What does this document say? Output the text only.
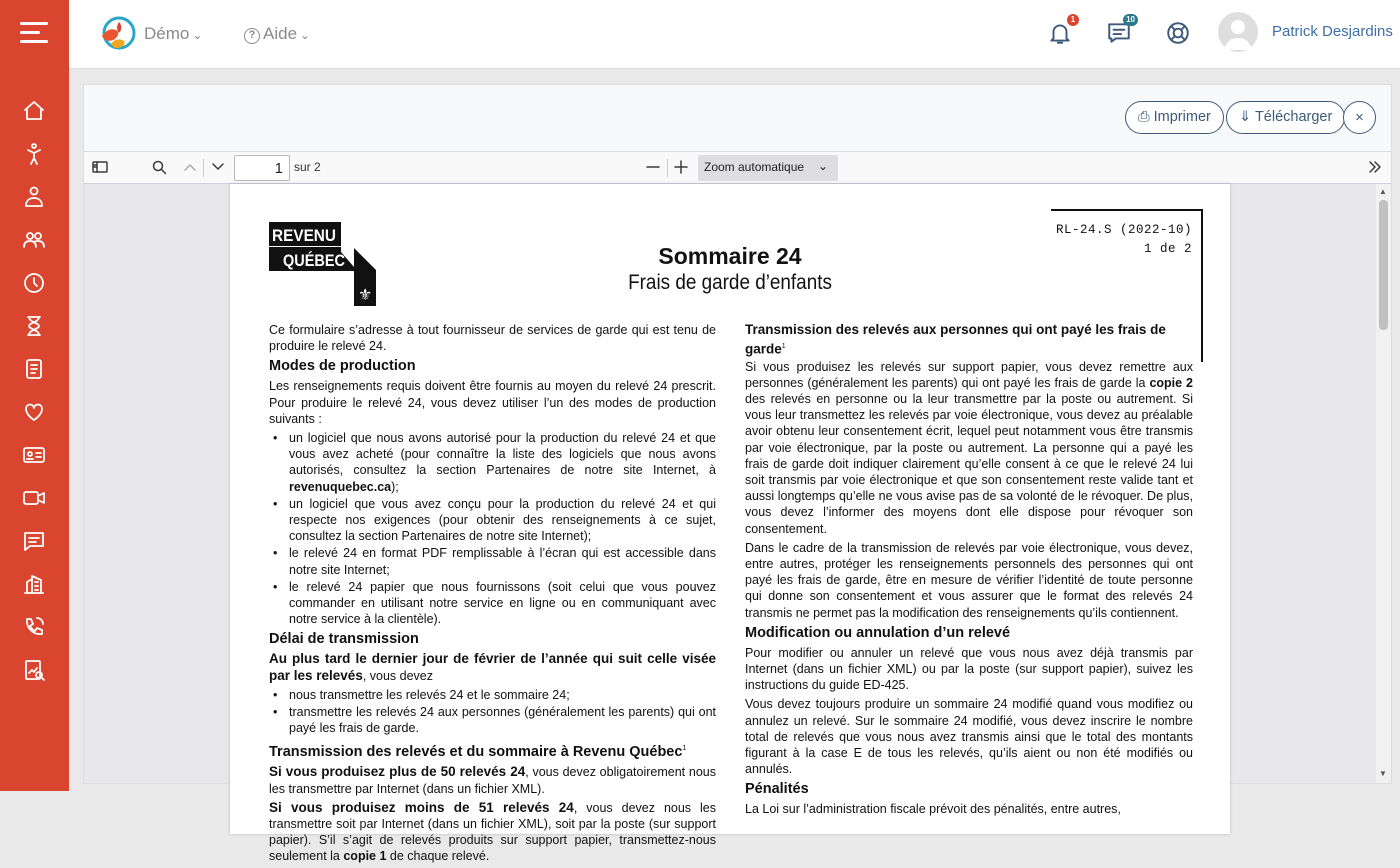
Démo ⌄	? Aide ⌄
1	10
Patrick Desjardins
⎙ Imprimer	⇓ Télécharger	×
1
sur 2	Zoom automatique ⌄
REVENU
QUÉBEC
⚜
RL-24.S (2022-10)
1 de 2
Sommaire 24
Frais de garde d’enfants

Ce formulaire s’adresse à tout fournisseur de services de garde qui est tenu de produire le relevé 24.

Modes de production

Les renseignements requis doivent être fournis au moyen du relevé 24 prescrit. Pour produire le relevé 24, vous devez utiliser l’un des modes de production suivants :

• un logiciel que nous avons autorisé pour la production du relevé 24 et que vous avez acheté (pour connaître la liste des logiciels que nous avons autorisés, consultez la section Partenaires de notre site Internet, à revenuquebec.ca);
• un logiciel que vous avez conçu pour la production du relevé 24 et qui respecte nos exigences (pour obtenir des renseignements à ce sujet, consultez la section Partenaires de notre site Internet);
• le relevé 24 en format PDF remplissable à l’écran qui est accessible dans notre site Internet;
• le relevé 24 papier que nous fournissons (soit celui que vous pouvez commander en utilisant notre service en ligne ou en communiquant avec notre service à la clientèle).
Délai de transmission

Au plus tard le dernier jour de février de l’année qui suit celle visée par les relevés, vous devez

• nous transmettre les relevés 24 et le sommaire 24;
• transmettre les relevés 24 aux personnes (généralement les parents) qui ont payé les frais de garde.
Transmission des relevés et du sommaire à Revenu Québec$^1$

Si vous produisez plus de 50 relevés 24, vous devez obligatoirement nous les transmettre par Internet (dans un fichier XML).

Si vous produisez moins de 51 relevés 24, vous devez nous les transmettre soit par Internet (dans un fichier XML), soit par la poste (sur support papier). S’il s’agit de relevés produits sur support papier, transmettez-nous seulement la copie 1 de chaque relevé.

Transmission des relevés aux personnes qui ont payé les frais de garde$^1$

Si vous produisez les relevés sur support papier, vous devez remettre aux personnes (généralement les parents) qui ont payé les frais de garde la copie 2 des relevés en personne ou la leur transmettre par la poste ou autrement. Si vous leur transmettez les relevés par voie électronique, vous devez au préalable avoir obtenu leur consentement écrit, lequel peut notamment vous être transmis par voie électronique, par la poste ou autrement. La personne qui a payé les frais de garde doit indiquer clairement qu’elle consent à ce que le relevé 24 lui soit transmis par voie électronique et que son consentement reste valide tant et aussi longtemps qu’elle ne vous avise pas de sa volonté de le révoquer. De plus, vous devez l’informer des moyens dont elle dispose pour révoquer son consentement.

Dans le cadre de la transmission de relevés par voie électronique, vous devez, entre autres, protéger les renseignements personnels des personnes qui ont payé les frais de garde, être en mesure de vérifier l’identité de toute personne qui donne son consentement et vous assurer que le format des relevés 24 transmis ne permet pas la modification des renseignements qu’ils contiennent.

Modification ou annulation d’un relevé

Pour modifier ou annuler un relevé que vous nous avez déjà transmis par Internet (dans un fichier XML) ou par la poste (sur support papier), suivez les instructions du guide ED-425.

Vous devez toujours produire un sommaire 24 modifié quand vous modifiez ou annulez un relevé. Sur le sommaire 24 modifié, vous devez inscrire le nombre total de relevés que vous nous avez transmis ainsi que le total des montants figurant à la case E de tous les relevés, qu’ils aient ou non été modifiés ou annulés.

Pénalités

La Loi sur l’administration fiscale prévoit des pénalités, entre autres,

▲
▼
